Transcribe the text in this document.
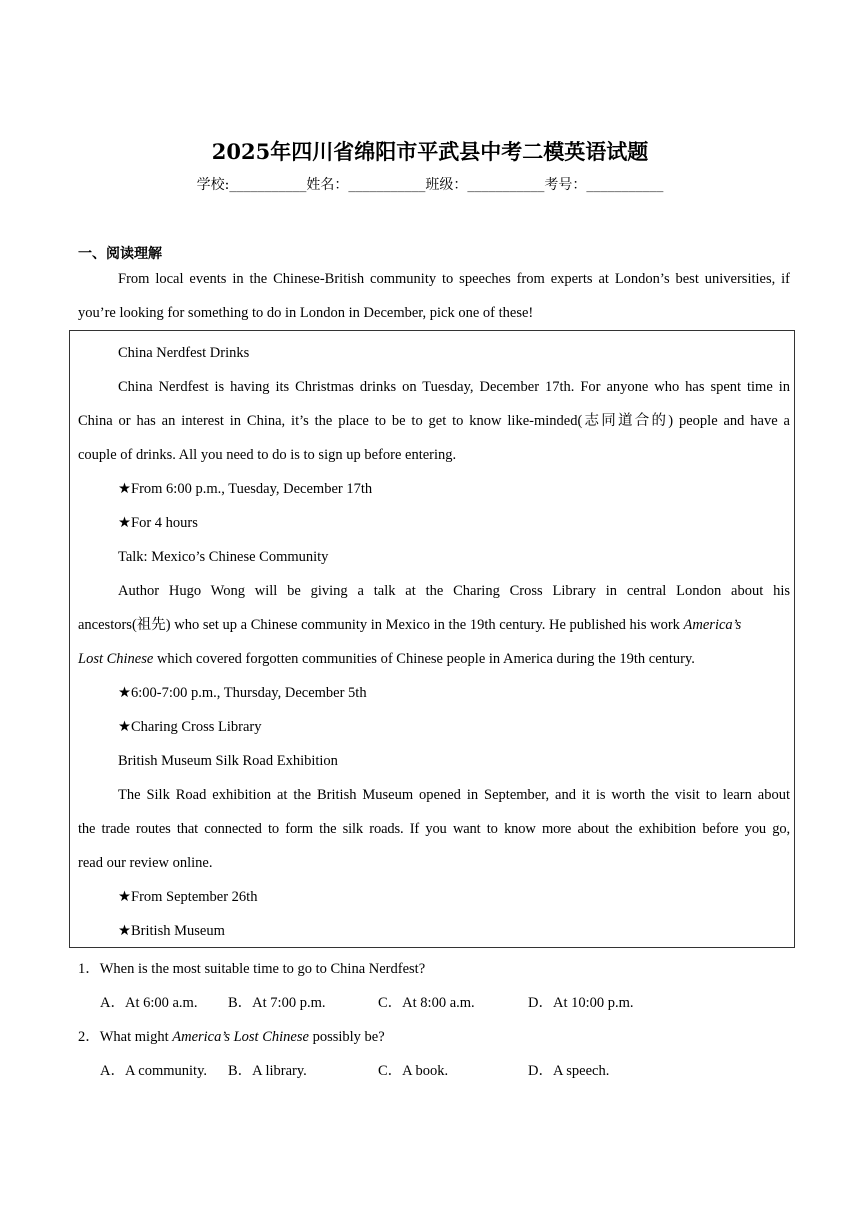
2025年四川省绵阳市平武县中考二模英语试题
学校:___________姓名：___________班级：___________考号：___________
一、阅读理解
From local events in the Chinese-British community to speeches from experts at London’s best universities, if you’re looking for something to do in London in December, pick one of these!
China Nerdfest Drinks
China Nerdfest is having its Christmas drinks on Tuesday, December 17th. For anyone who has spent time in
China or has an interest in China, it’s the place to be to get to know like-minded(志同道合的) people and have a
couple of drinks. All you need to do is to sign up before entering.
★From 6:00 p.m., Tuesday, December 17th
★For 4 hours
Talk: Mexico’s Chinese Community
Author Hugo Wong will be giving a talk at the Charing Cross Library in central London about his
ancestors(祖先) who set up a Chinese community in Mexico in the 19th century. He published his work America’s
Lost Chinese which covered forgotten communities of Chinese people in America during the 19th century.
★6:00-7:00 p.m., Thursday, December 5th
★Charing Cross Library
British Museum Silk Road Exhibition
The Silk Road exhibition at the British Museum opened in September, and it is worth the visit to learn about
the trade routes that connected to form the silk roads. If you want to know more about the exhibition before you go,
read our review online.
★From September 26th
★British Museum
1．When is the most suitable time to go to China Nerdfest?
A．At 6:00 a.m. B．At 7:00 p.m.	C．At 8:00 a.m.	D．At 10:00 p.m.
2．What might America’s Lost Chinese possibly be?
A．A community. B．A library.	C．A book.	D．A speech.
